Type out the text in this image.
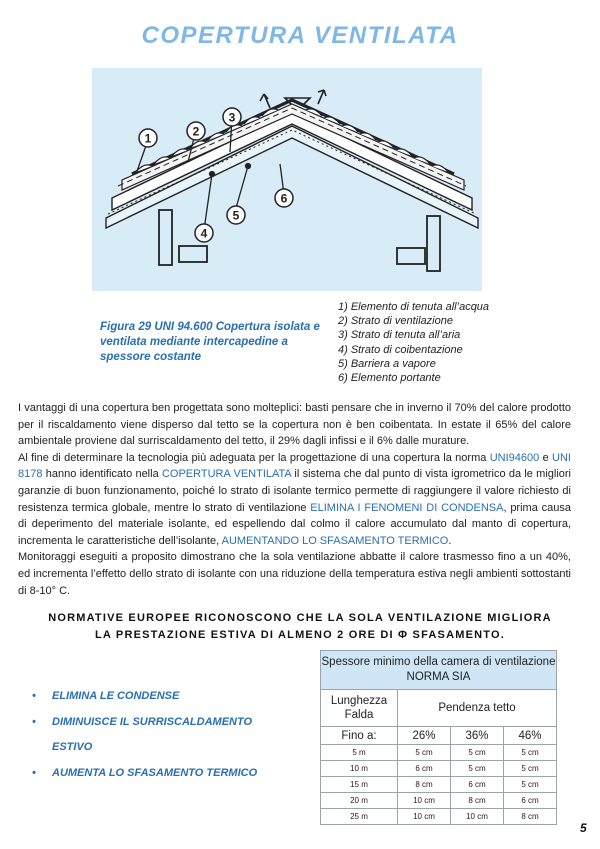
COPERTURA VENTILATA
1	2
3
4
5
6
Figura 29 UNI 94.600 Copertura isolata e ventilata mediante intercapedine a spessore costante
1) Elemento di tenuta all’acqua
2) Strato di ventilazione
3) Strato di tenuta all’aria
4) Strato di coibentazione
5) Barriera a vapore
6) Elemento portante

I vantaggi di una copertura ben progettata sono molteplici: basti pensare che in inverno il 70% del calore prodotto per il riscaldamento viene disperso dal tetto se la copertura non è ben coibentata. In estate il 65% del calore ambientale proviene dal surriscaldamento del tetto, il 29% dagli infissi e il 6% dalle murature.

Al fine di determinare la tecnologia più adeguata per la progettazione di una copertura la norma UNI94600 e UNI 8178 hanno identificato nella COPERTURA VENTILATA il sistema che dal punto di vista igrometrico da le migliori garanzie di buon funzionamento, poiché lo strato di isolante termico permette di raggiungere il valore richiesto di resistenza termica globale, mentre lo strato di ventilazione ELIMINA I FENOMENI DI CONDENSA, prima causa di deperimento del materiale isolante, ed espellendo dal colmo il calore accumulato dal manto di copertura, incrementa le caratteristiche dell’isolante, AUMENTANDO LO SFASAMENTO TERMICO.

Monitoraggi eseguiti a proposito dimostrano che la sola ventilazione abbatte il calore trasmesso fino a un 40%, ed incrementa l’effetto dello strato di isolante con una riduzione della temperatura estiva negli ambienti sottostanti di 8-10° C.

NORMATIVE EUROPEE RICONOSCONO CHE LA SOLA VENTILAZIONE MIGLIORA
LA PRESTAZIONE ESTIVA DI ALMENO 2 ORE DI Φ SFASAMENTO.
• ELIMINA LE CONDENSE
• DIMINUISCE IL SURRISCALDAMENTO
ESTIVO
• AUMENTA LO SFASAMENTO TERMICO
Spessore minimo della camera di ventilazione NORMA SIA			
Lunghezza Falda	Pendenza tetto		
Fino a:	26%	36%	46%
5 m	5 cm	5 cm	5 cm
10 m	6 cm	5 cm	5 cm
15 m	8 cm	6 cm	5 cm
20 m	10 cm	8 cm	6 cm
25 m	10 cm	10 cm	8 cm
5
